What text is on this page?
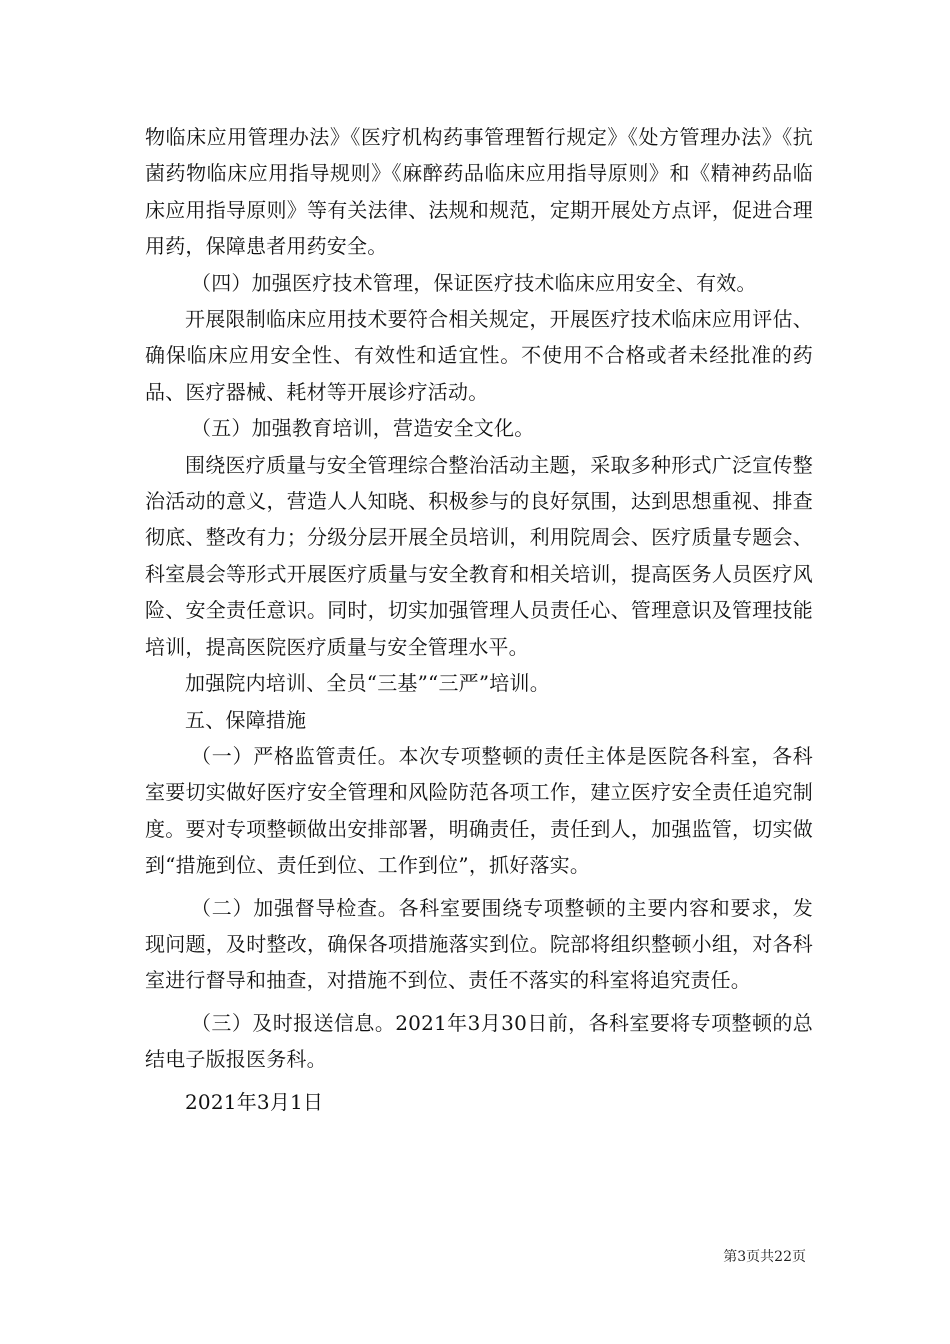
物临床应用管理办法》《医疗机构药事管理暂行规定》《处方管理办法》《抗菌药物临床应用指导规则》《麻醉药品临床应用指导原则》和《精神药品临床应用指导原则》等有关法律、法规和规范，定期开展处方点评，促进合理用药，保障患者用药安全。

（四）加强医疗技术管理，保证医疗技术临床应用安全、有效。

开展限制临床应用技术要符合相关规定，开展医疗技术临床应用评估、确保临床应用安全性、有效性和适宜性。不使用不合格或者未经批准的药品、医疗器械、耗材等开展诊疗活动。

（五）加强教育培训，营造安全文化。

围绕医疗质量与安全管理综合整治活动主题，采取多种形式广泛宣传整治活动的意义，营造人人知晓、积极参与的良好氛围，达到思想重视、排查彻底、整改有力；分级分层开展全员培训，利用院周会、医疗质量专题会、科室晨会等形式开展医疗质量与安全教育和相关培训，提高医务人员医疗风险、安全责任意识。同时，切实加强管理人员责任心、管理意识及管理技能培训，提高医院医疗质量与安全管理水平。

加强院内培训、全员“三基”“三严”培训。

五、保障措施

（一）严格监管责任。本次专项整顿的责任主体是医院各科室，各科室要切实做好医疗安全管理和风险防范各项工作，建立医疗安全责任追究制度。要对专项整顿做出安排部署，明确责任，责任到人，加强监管，切实做到“措施到位、责任到位、工作到位”，抓好落实。

（二）加强督导检查。各科室要围绕专项整顿的主要内容和要求，发现问题，及时整改，确保各项措施落实到位。院部将组织整顿小组，对各科室进行督导和抽查，对措施不到位、责任不落实的科室将追究责任。

（三）及时报送信息。2021年3月30日前，各科室要将专项整顿的总结电子版报医务科。

2021年3月1日

第3页共22页
